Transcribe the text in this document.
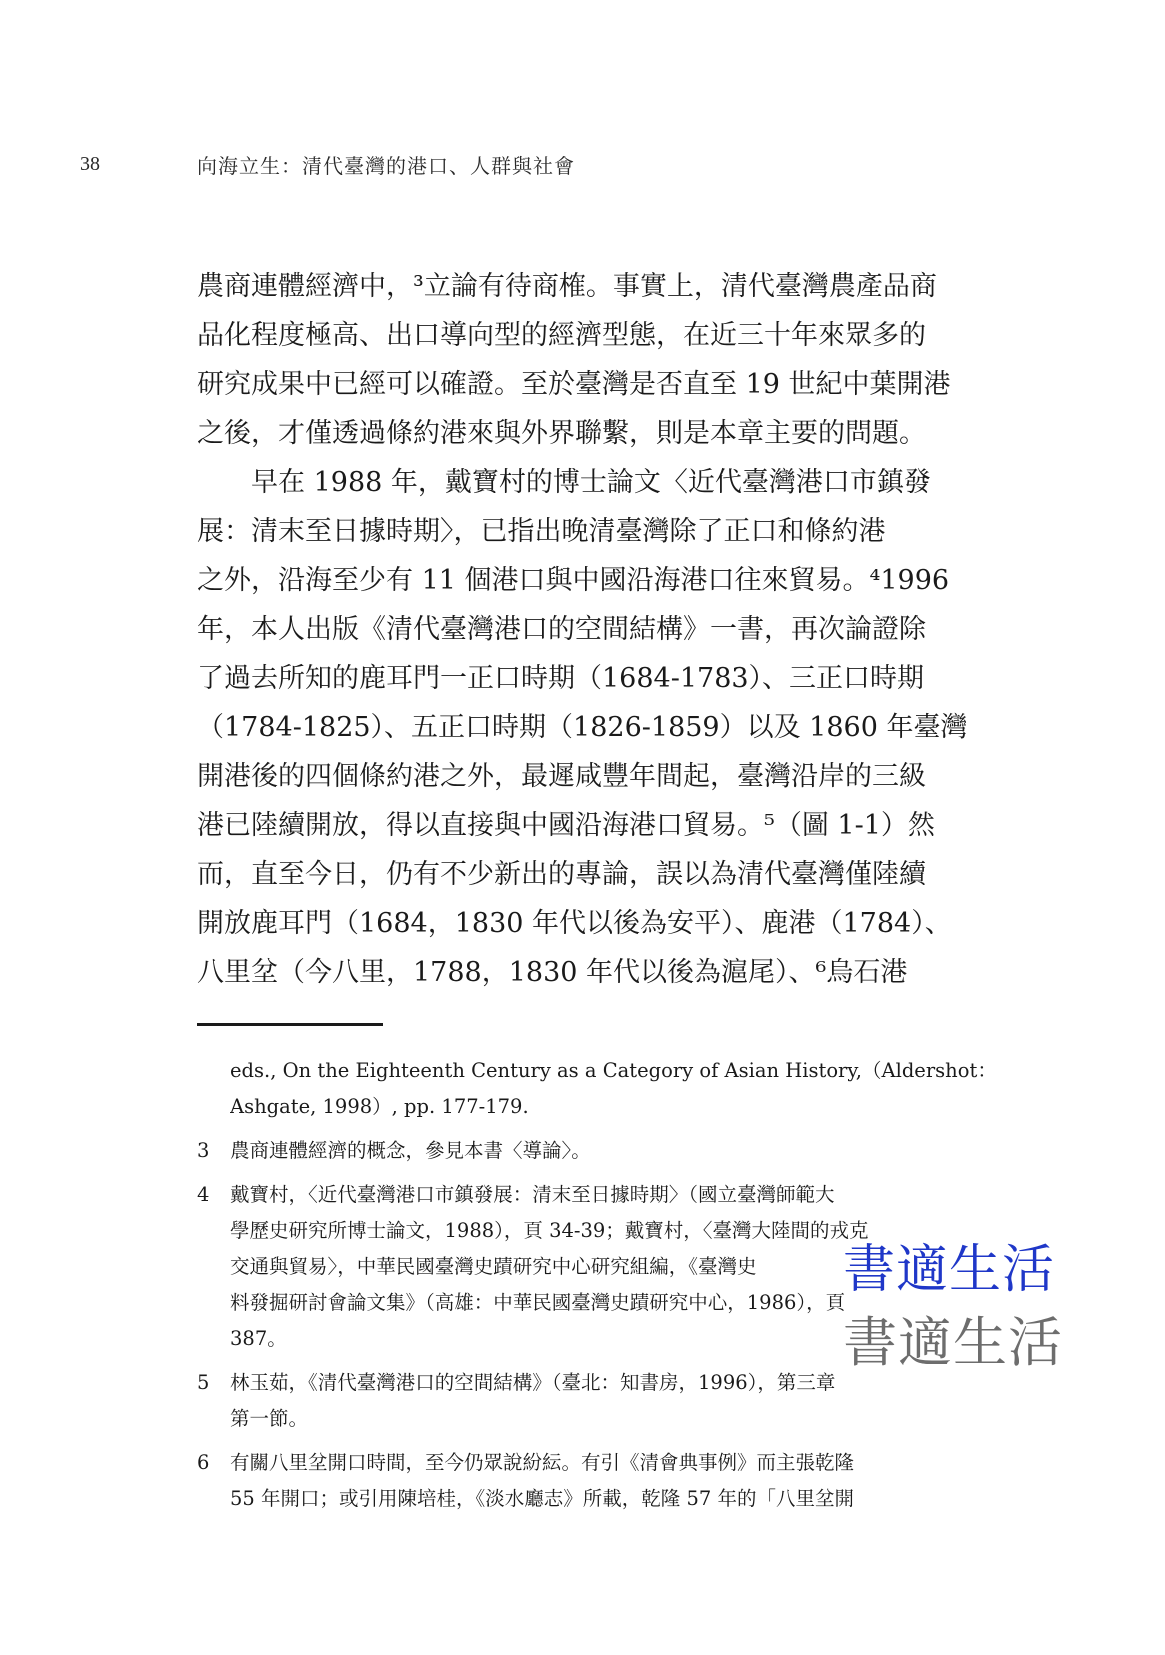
38	向海立生：清代臺灣的港口、人群與社會
農商連體經濟中，³立論有待商榷。事實上，清代臺灣農產品商
品化程度極高、出口導向型的經濟型態，在近三十年來眾多的
研究成果中已經可以確證。至於臺灣是否直至 19 世紀中葉開港
之後，才僅透過條約港來與外界聯繫，則是本章主要的問題。
早在 1988 年，戴寶村的博士論文〈近代臺灣港口市鎮發
展：清末至日據時期〉，已指出晚清臺灣除了正口和條約港
之外，沿海至少有 11 個港口與中國沿海港口往來貿易。⁴1996
年，本人出版《清代臺灣港口的空間結構》一書，再次論證除
了過去所知的鹿耳門一正口時期（1684-1783）、三正口時期
（1784-1825）、五正口時期（1826-1859）以及 1860 年臺灣
開港後的四個條約港之外，最遲咸豐年間起，臺灣沿岸的三級
港已陸續開放，得以直接與中國沿海港口貿易。⁵（圖 1-1）然
而，直至今日，仍有不少新出的專論，誤以為清代臺灣僅陸續
開放鹿耳門（1684，1830 年代以後為安平）、鹿港（1784）、
八里坌（今八里，1788，1830 年代以後為滬尾）、⁶烏石港
eds., On the Eighteenth Century as a Category of Asian History,（Aldershot：
Ashgate, 1998）, pp. 177-179.
3	農商連體經濟的概念，參見本書〈導論〉。
4	戴寶村，〈近代臺灣港口市鎮發展：清末至日據時期〉（國立臺灣師範大
學歷史研究所博士論文，1988），頁 34-39；戴寶村，〈臺灣大陸間的戎克
交通與貿易〉，中華民國臺灣史蹟研究中心研究組編，《臺灣史
料發掘研討會論文集》（高雄：中華民國臺灣史蹟研究中心，1986），頁
387。
5	林玉茹，《清代臺灣港口的空間結構》（臺北：知書房，1996），第三章
第一節。
6	有關八里坌開口時間，至今仍眾說紛紜。有引《清會典事例》而主張乾隆
55 年開口；或引用陳培桂，《淡水廳志》所載，乾隆 57 年的「八里坌開
書適生活
書適生活
